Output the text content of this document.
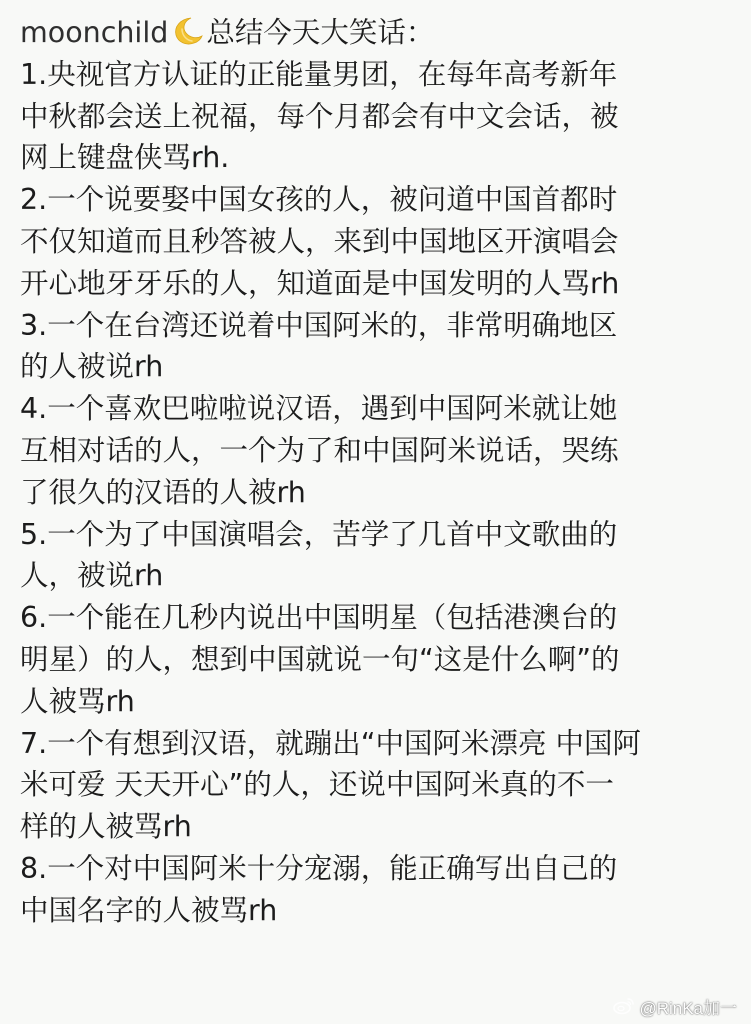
moonchild 总结今天大笑话：
1.央视官方认证的正能量男团，在每年高考新年
中秋都会送上祝福，每个月都会有中文会话，被
网上键盘侠骂rh.
2.一个说要娶中国女孩的人，被问道中国首都时
不仅知道而且秒答被人，来到中国地区开演唱会
开心地牙牙乐的人，知道面是中国发明的人骂rh
3.一个在台湾还说着中国阿米的，非常明确地区
的人被说rh
4.一个喜欢巴啦啦说汉语，遇到中国阿米就让她
互相对话的人，一个为了和中国阿米说话，哭练
了很久的汉语的人被rh
5.一个为了中国演唱会，苦学了几首中文歌曲的
人，被说rh
6.一个能在几秒内说出中国明星（包括港澳台的
明星）的人，想到中国就说一句“这是什么啊”的
人被骂rh
7.一个有想到汉语，就蹦出“中国阿米漂亮 中国阿
米可爱 天天开心”的人，还说中国阿米真的不一
样的人被骂rh
8.一个对中国阿米十分宠溺，能正确写出自己的
中国名字的人被骂rh
@RinKa加一
